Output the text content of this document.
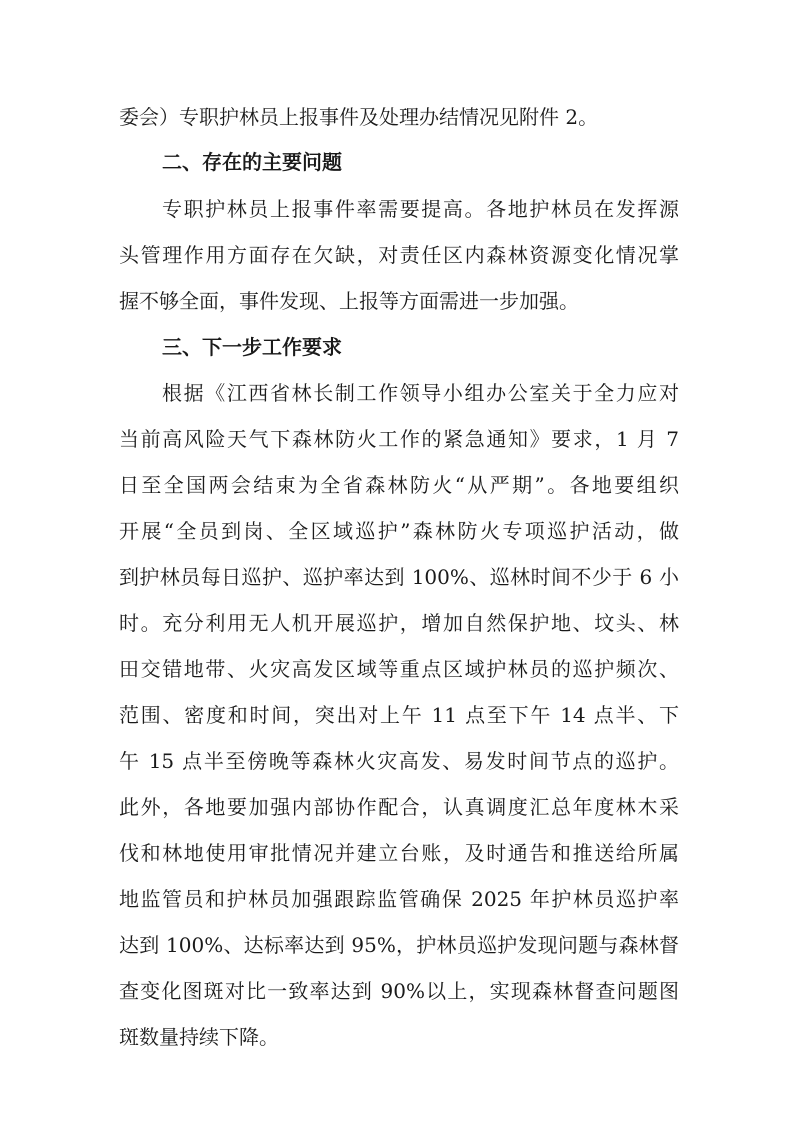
委会）专职护林员上报事件及处理办结情况见附件 2。
二、存在的主要问题
专职护林员上报事件率需要提高。各地护林员在发挥源
头管理作用方面存在欠缺，对责任区内森林资源变化情况掌
握不够全面，事件发现、上报等方面需进一步加强。
三、下一步工作要求
根据《江西省林长制工作领导小组办公室关于全力应对
当前高风险天气下森林防火工作的紧急通知》要求，1 月 7
日至全国两会结束为全省森林防火“从严期”。各地要组织
开展“全员到岗、全区域巡护”森林防火专项巡护活动，做
到护林员每日巡护、巡护率达到 100%、巡林时间不少于 6 小
时。充分利用无人机开展巡护，增加自然保护地、坟头、林
田交错地带、火灾高发区域等重点区域护林员的巡护频次、
范围、密度和时间，突出对上午 11 点至下午 14 点半、下
午 15 点半至傍晚等森林火灾高发、易发时间节点的巡护。
此外，各地要加强内部协作配合，认真调度汇总年度林木采
伐和林地使用审批情况并建立台账，及时通告和推送给所属
地监管员和护林员加强跟踪监管确保 2025 年护林员巡护率
达到 100%、达标率达到 95%，护林员巡护发现问题与森林督
查变化图斑对比一致率达到 90%以上，实现森林督查问题图
斑数量持续下降。
